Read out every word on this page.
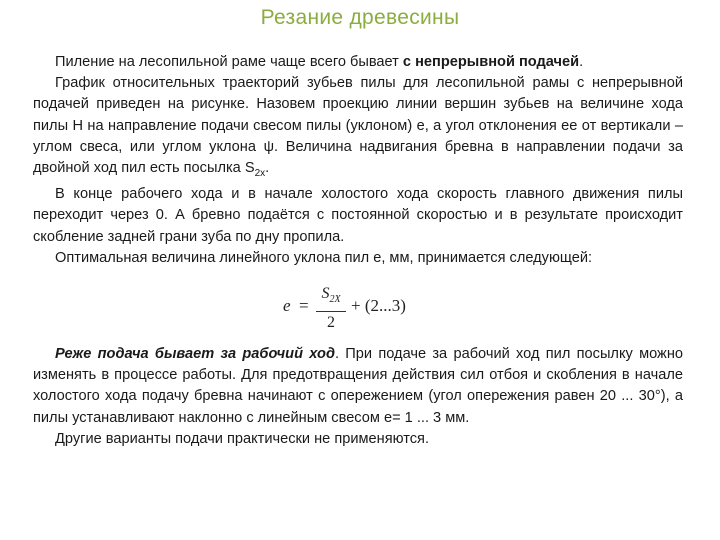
Резание древесины

Пиление на лесопильной раме чаще всего бывает с непрерывной подачей.

График относительных траекторий зубьев пилы для лесопильной рамы с непрерывной подачей приведен на рисунке. Назовем проекцию линии вершин зубьев на величине хода пилы H на направление подачи свесом пилы (уклоном) е, а угол отклонения ее от вертикали – углом свеса, или углом уклона ψ. Величина надвигания бревна в направлении подачи за двойной ход пил есть посылка $S_{2х}$.

В конце рабочего хода и в начале холостого хода скорость главного движения пилы переходит через 0. А бревно подаётся с постоянной скоростью и в результате происходит скобление задней грани зуба по дну пропила.

Оптимальная величина линейного уклона пил е, мм, принимается следующей:

e =
$S_{2X}$
2
+ (2...3)

Реже подача бывает за рабочий ход. При подаче за рабочий ход пил посылку можно изменять в процессе работы. Для предотвращения действия сил отбоя и скобления в начале холостого хода подачу бревна начинают с опережением (угол опережения равен 20 ... 30°), а пилы устанавливают наклонно с линейным свесом е= 1 ... 3 мм.

Другие варианты подачи практически не применяются.
